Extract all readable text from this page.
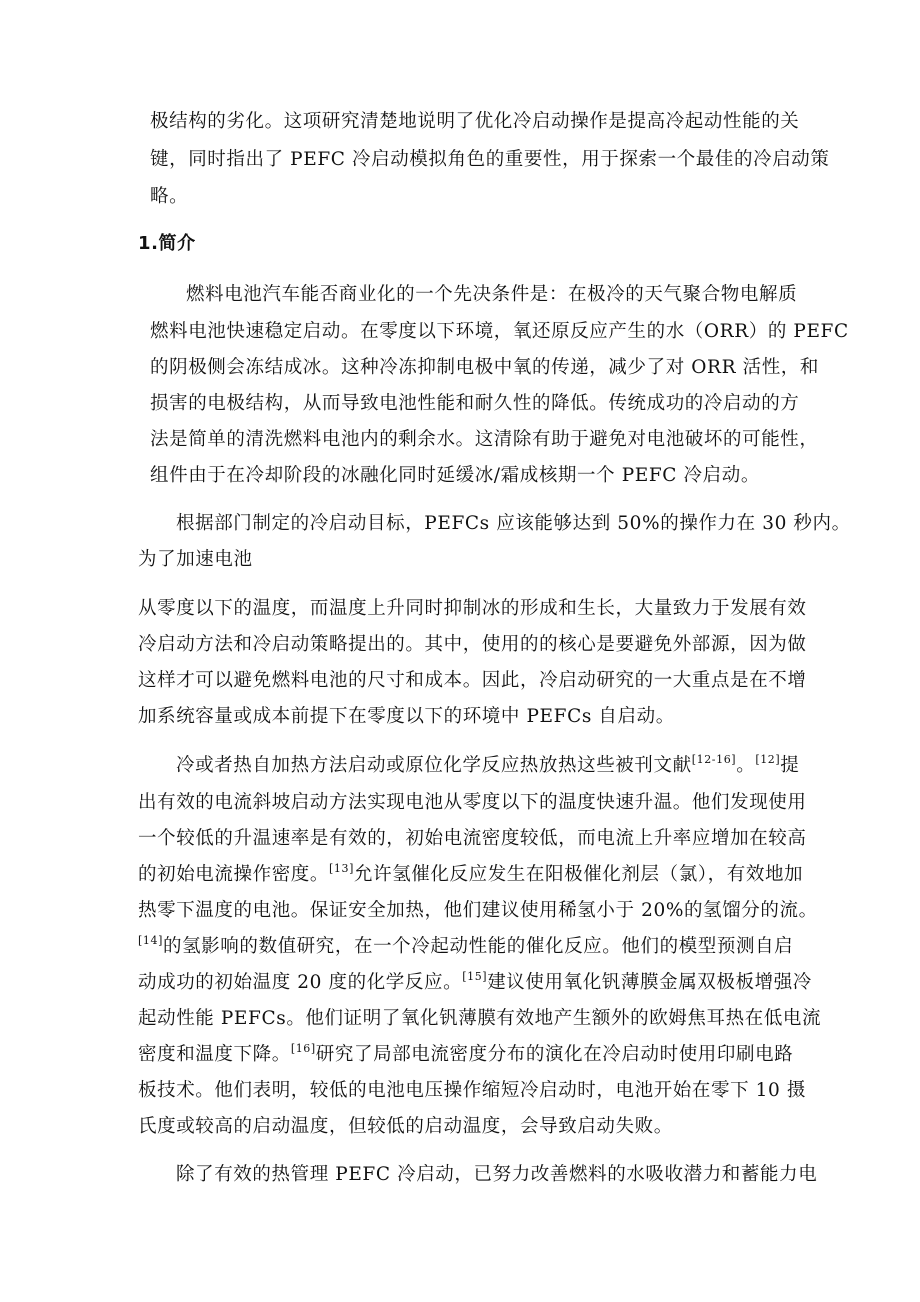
极结构的劣化。这项研究清楚地说明了优化冷启动操作是提高冷起动性能的关
键，同时指出了 PEFC 冷启动模拟角色的重要性，用于探索一个最佳的冷启动策
略。
1.简介
燃料电池汽车能否商业化的一个先决条件是：在极冷的天气聚合物电解质
燃料电池快速稳定启动。在零度以下环境，氧还原反应产生的水（ORR）的 PEFC
的阴极侧会冻结成冰。这种冷冻抑制电极中氧的传递，减少了对 ORR 活性，和
损害的电极结构，从而导致电池性能和耐久性的降低。传统成功的冷启动的方
法是简单的清洗燃料电池内的剩余水。这清除有助于避免对电池破坏的可能性，
组件由于在冷却阶段的冰融化同时延缓冰/霜成核期一个 PEFC 冷启动。
根据部门制定的冷启动目标，PEFCs 应该能够达到 50%的操作力在 30 秒内。
为了加速电池
从零度以下的温度，而温度上升同时抑制冰的形成和生长，大量致力于发展有效
冷启动方法和冷启动策略提出的。其中，使用的的核心是要避免外部源，因为做
这样才可以避免燃料电池的尺寸和成本。因此，冷启动研究的一大重点是在不增
加系统容量或成本前提下在零度以下的环境中 PEFCs 自启动。
冷或者热自加热方法启动或原位化学反应热放热这些被刊文献[12-16]。[12]提
出有效的电流斜坡启动方法实现电池从零度以下的温度快速升温。他们发现使用
一个较低的升温速率是有效的，初始电流密度较低，而电流上升率应增加在较高
的初始电流操作密度。[13]允许氢催化反应发生在阳极催化剂层（氯），有效地加
热零下温度的电池。保证安全加热，他们建议使用稀氢小于 20%的氢馏分的流。
[14]的氢影响的数值研究，在一个冷起动性能的催化反应。他们的模型预测自启
动成功的初始温度 20 度的化学反应。[15]建议使用氧化钒薄膜金属双极板增强冷
起动性能 PEFCs。他们证明了氧化钒薄膜有效地产生额外的欧姆焦耳热在低电流
密度和温度下降。[16]研究了局部电流密度分布的演化在冷启动时使用印刷电路
板技术。他们表明，较低的电池电压操作缩短冷启动时，电池开始在零下 10 摄
氏度或较高的启动温度，但较低的启动温度，会导致启动失败。
除了有效的热管理 PEFC 冷启动，已努力改善燃料的水吸收潜力和蓄能力电
